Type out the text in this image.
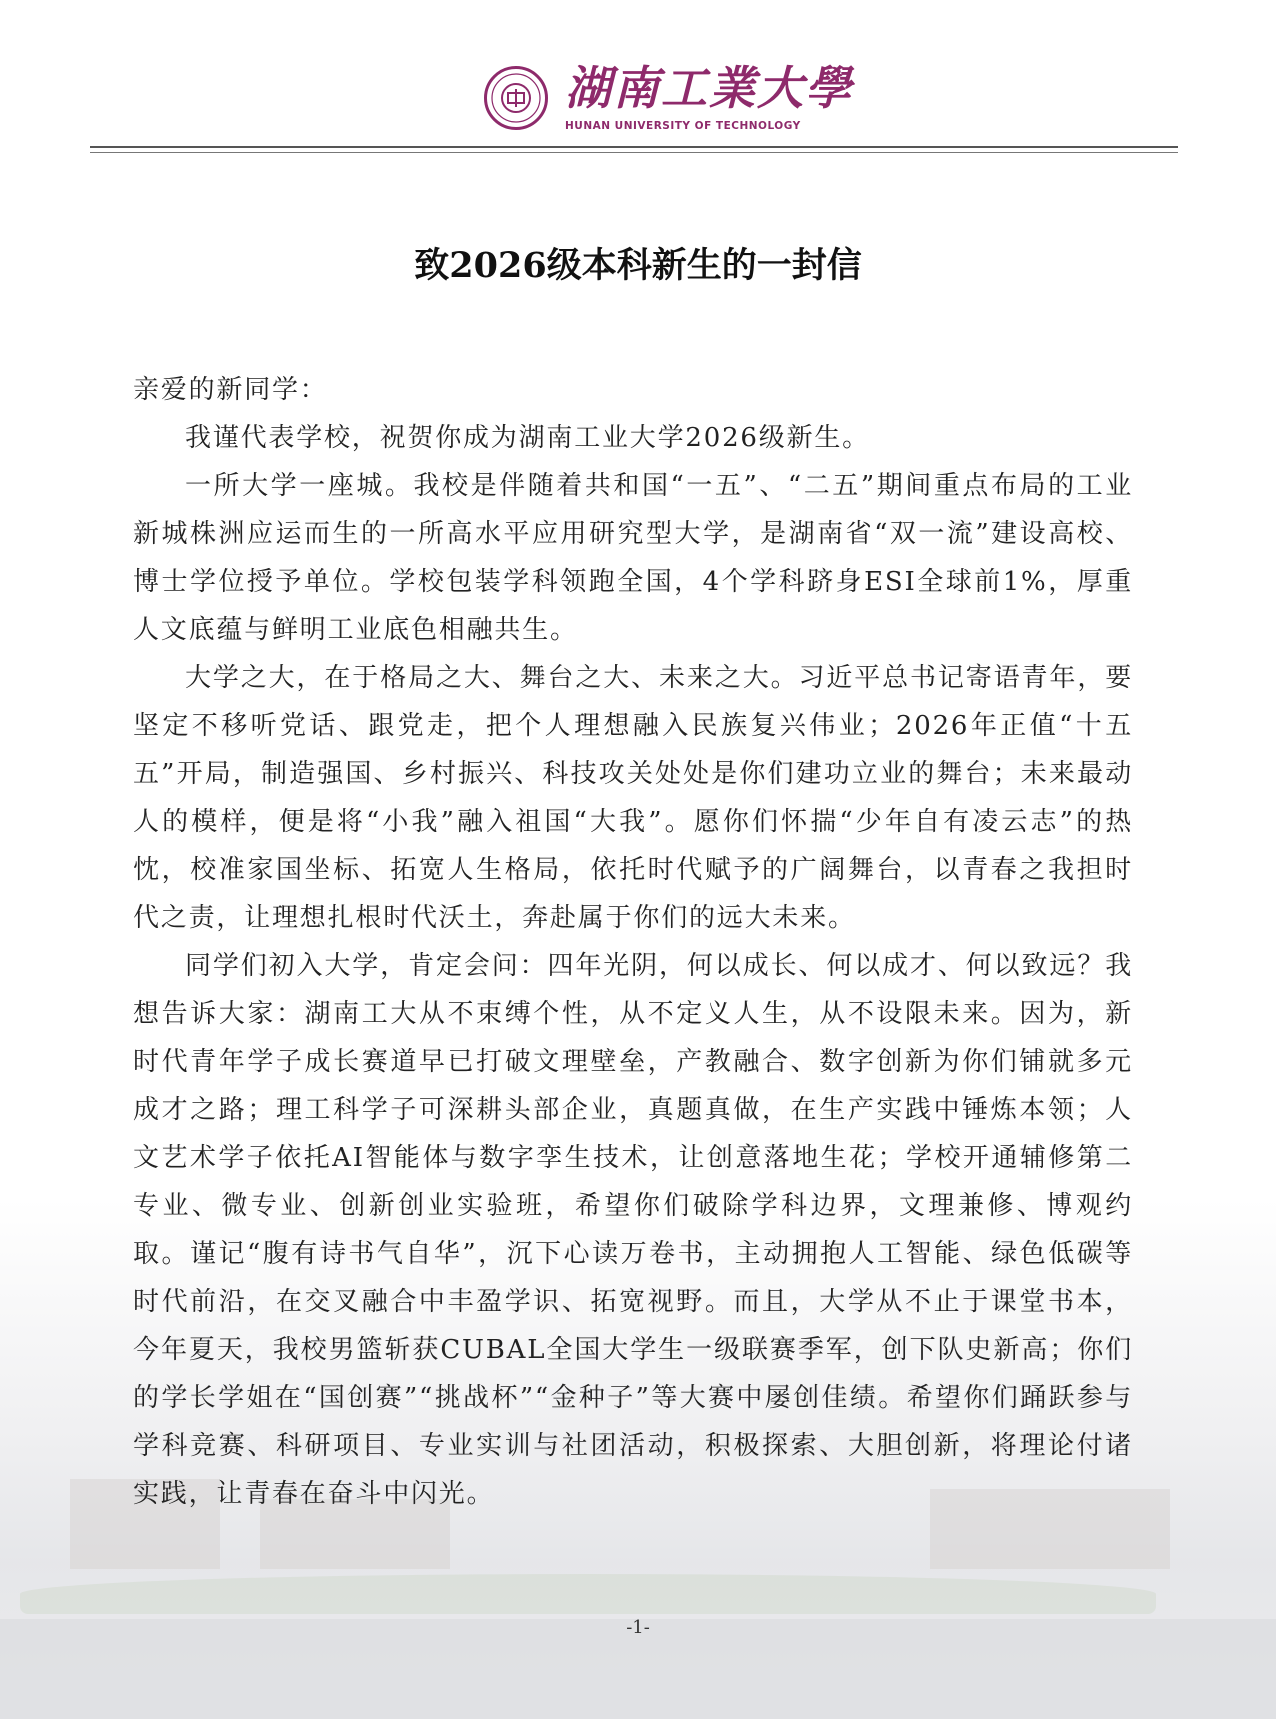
湖南工業大學
HUNAN UNIVERSITY OF TECHNOLOGY
致2026级本科新生的一封信

亲爱的新同学：

我谨代表学校，祝贺你成为湖南工业大学2026级新生。

一所大学一座城。我校是伴随着共和国“一五”、“二五”期间重点布局的工业新城株洲应运而生的一所高水平应用研究型大学，是湖南省“双一流”建设高校、博士学位授予单位。学校包装学科领跑全国，4个学科跻身ESI全球前1%，厚重人文底蕴与鲜明工业底色相融共生。

大学之大，在于格局之大、舞台之大、未来之大。习近平总书记寄语青年，要坚定不移听党话、跟党走，把个人理想融入民族复兴伟业；2026年正值“十五五”开局，制造强国、乡村振兴、科技攻关处处是你们建功立业的舞台；未来最动人的模样，便是将“小我”融入祖国“大我”。愿你们怀揣“少年自有凌云志”的热忱，校准家国坐标、拓宽人生格局，依托时代赋予的广阔舞台，以青春之我担时代之责，让理想扎根时代沃土，奔赴属于你们的远大未来。

同学们初入大学，肯定会问：四年光阴，何以成长、何以成才、何以致远？我想告诉大家：湖南工大从不束缚个性，从不定义人生，从不设限未来。因为，新时代青年学子成长赛道早已打破文理壁垒，产教融合、数字创新为你们铺就多元成才之路；理工科学子可深耕头部企业，真题真做，在生产实践中锤炼本领；人文艺术学子依托AI智能体与数字孪生技术，让创意落地生花；学校开通辅修第二专业、微专业、创新创业实验班，希望你们破除学科边界，文理兼修、博观约取。谨记“腹有诗书气自华”，沉下心读万卷书，主动拥抱人工智能、绿色低碳等时代前沿，在交叉融合中丰盈学识、拓宽视野。而且，大学从不止于课堂书本，今年夏天，我校男篮斩获CUBAL全国大学生一级联赛季军，创下队史新高；你们的学长学姐在“国创赛”“挑战杯”“金种子”等大赛中屡创佳绩。希望你们踊跃参与学科竞赛、科研项目、专业实训与社团活动，积极探索、大胆创新，将理论付诸实践，让青春在奋斗中闪光。

-1-
